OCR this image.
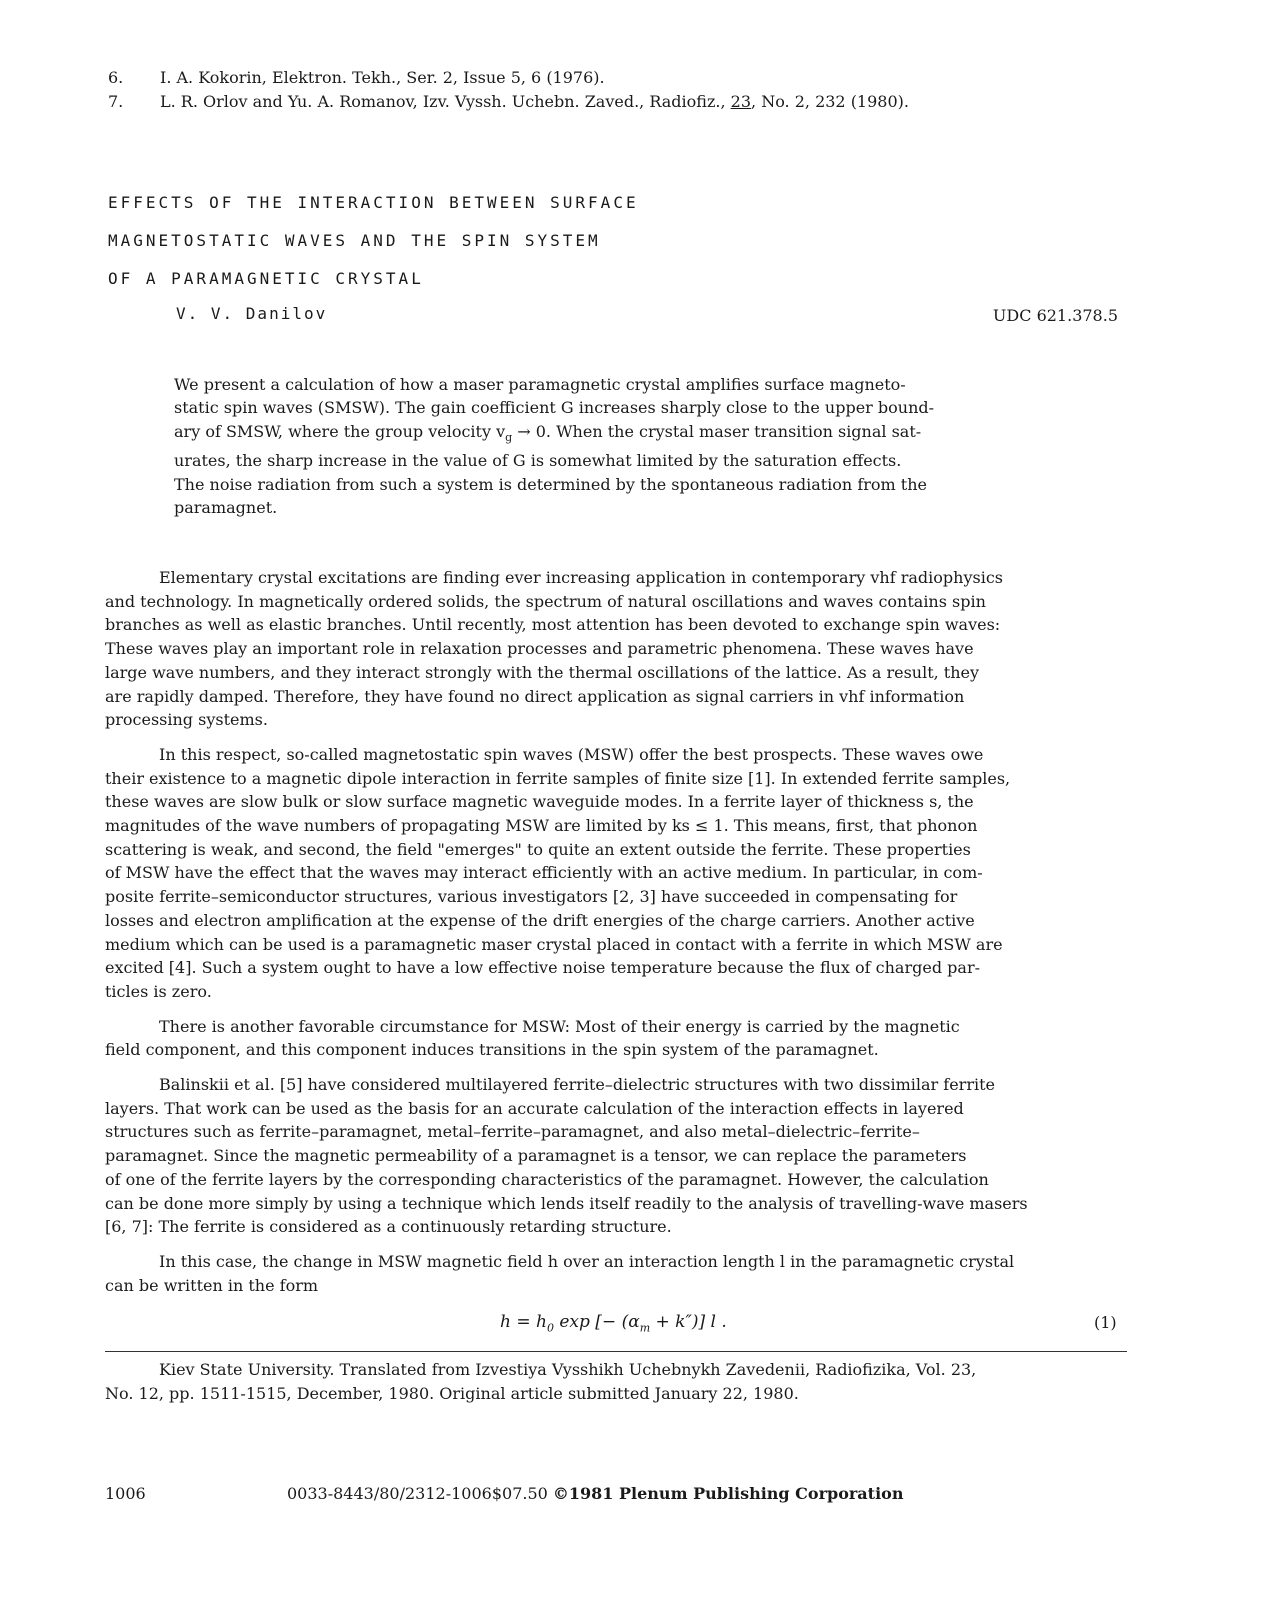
6. I. A. Kokorin, Elektron. Tekh., Ser. 2, Issue 5, 6 (1976).
7. L. R. Orlov and Yu. A. Romanov, Izv. Vyssh. Uchebn. Zaved., Radiofiz., 23, No. 2, 232 (1980).
EFFECTS OF THE INTERACTION BETWEEN SURFACE
MAGNETOSTATIC WAVES AND THE SPIN SYSTEM
OF A PARAMAGNETIC CRYSTAL
V. V. Danilov	UDC 621.378.5
We present a calculation of how a maser paramagnetic crystal amplifies surface magneto-
static spin waves (SMSW). The gain coefficient G increases sharply close to the upper bound-
ary of SMSW, where the group velocity $v_g \to 0$. When the crystal maser transition signal sat-
urates, the sharp increase in the value of G is somewhat limited by the saturation effects.
The noise radiation from such a system is determined by the spontaneous radiation from the
paramagnet.
Elementary crystal excitations are finding ever increasing application in contemporary vhf radiophysics
and technology. In magnetically ordered solids, the spectrum of natural oscillations and waves contains spin
branches as well as elastic branches. Until recently, most attention has been devoted to exchange spin waves:
These waves play an important role in relaxation processes and parametric phenomena. These waves have
large wave numbers, and they interact strongly with the thermal oscillations of the lattice. As a result, they
are rapidly damped. Therefore, they have found no direct application as signal carriers in vhf information
processing systems.
In this respect, so-called magnetostatic spin waves (MSW) offer the best prospects. These waves owe
their existence to a magnetic dipole interaction in ferrite samples of finite size [1]. In extended ferrite samples,
these waves are slow bulk or slow surface magnetic waveguide modes. In a ferrite layer of thickness s, the
magnitudes of the wave numbers of propagating MSW are limited by ks ≤ 1. This means, first, that phonon
scattering is weak, and second, the field "emerges" to quite an extent outside the ferrite. These properties
of MSW have the effect that the waves may interact efficiently with an active medium. In particular, in com-
posite ferrite–semiconductor structures, various investigators [2, 3] have succeeded in compensating for
losses and electron amplification at the expense of the drift energies of the charge carriers. Another active
medium which can be used is a paramagnetic maser crystal placed in contact with a ferrite in which MSW are
excited [4]. Such a system ought to have a low effective noise temperature because the flux of charged par-
ticles is zero.
There is another favorable circumstance for MSW: Most of their energy is carried by the magnetic
field component, and this component induces transitions in the spin system of the paramagnet.
Balinskii et al. [5] have considered multilayered ferrite–dielectric structures with two dissimilar ferrite
layers. That work can be used as the basis for an accurate calculation of the interaction effects in layered
structures such as ferrite–paramagnet, metal–ferrite–paramagnet, and also metal–dielectric–ferrite–
paramagnet. Since the magnetic permeability of a paramagnet is a tensor, we can replace the parameters
of one of the ferrite layers by the corresponding characteristics of the paramagnet. However, the calculation
can be done more simply by using a technique which lends itself readily to the analysis of travelling-wave masers
[6, 7]: The ferrite is considered as a continuously retarding structure.
In this case, the change in MSW magnetic field h over an interaction length l in the paramagnetic crystal
can be written in the form
$h = h_0$ exp [− $(\alpha_m + k'')$] l .	(1)
Kiev State University. Translated from Izvestiya Vysshikh Uchebnykh Zavedenii, Radiofizika, Vol. 23,
No. 12, pp. 1511-1515, December, 1980. Original article submitted January 22, 1980.
1006	0033-8443/80/2312-1006$07.50 ©1981 Plenum Publishing Corporation
